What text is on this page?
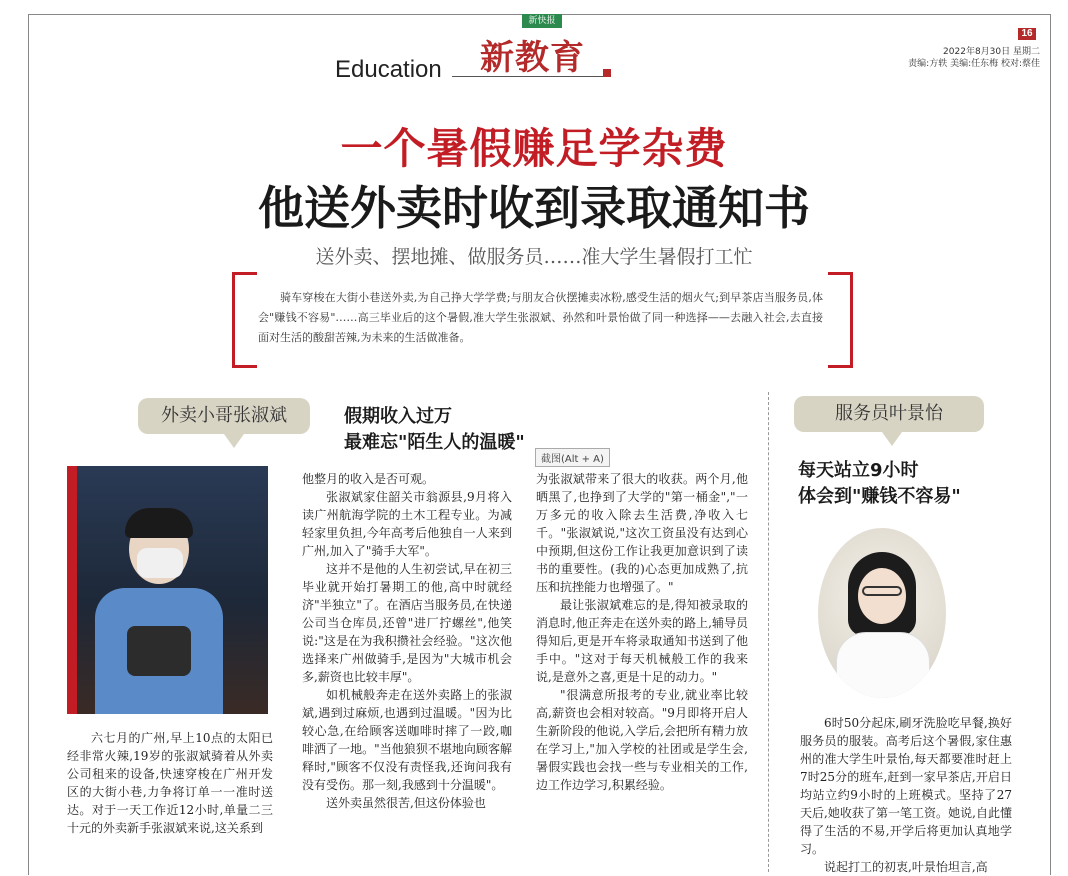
新快报
Education 新教育
16
2022年8月30日 星期二
责编:方轶 美编:任东梅 校对:蔡佳
一个暑假赚足学杂费
他送外卖时收到录取通知书
送外卖、摆地摊、做服务员……准大学生暑假打工忙
骑车穿梭在大街小巷送外卖,为自己挣大学学费;与朋友合伙摆摊卖冰粉,感受生活的烟火气;到早茶店当服务员,体会"赚钱不容易"……高三毕业后的这个暑假,准大学生张淑斌、孙然和叶景怡做了同一种选择——去融入社会,去直接面对生活的酸甜苦辣,为未来的生活做准备。
外卖小哥张淑斌	假期收入过万
最难忘"陌生人的温暖"
截图(Alt + A)

六七月的广州,早上10点的太阳已经非常火辣,19岁的张淑斌骑着从外卖公司租来的设备,快速穿梭在广州开发区的大街小巷,力争将订单一一准时送达。对于一天工作近12小时,单量二三十元的外卖新手张淑斌来说,这关系到

他整月的收入是否可观。

张淑斌家住韶关市翁源县,9月将入读广州航海学院的土木工程专业。为减轻家里负担,今年高考后他独自一人来到广州,加入了"骑手大军"。

这并不是他的人生初尝试,早在初三毕业就开始打暑期工的他,高中时就经济"半独立"了。在酒店当服务员,在快递公司当仓库员,还曾"进厂拧螺丝",他笑说:"这是在为我积攒社会经验。"这次他选择来广州做骑手,是因为"大城市机会多,薪资也比较丰厚"。

如机械般奔走在送外卖路上的张淑斌,遇到过麻烦,也遇到过温暖。"因为比较心急,在给顾客送咖啡时摔了一跤,咖啡洒了一地。"当他狼狈不堪地向顾客解释时,"顾客不仅没有责怪我,还询问我有没有受伤。那一刻,我感到十分温暖"。

送外卖虽然很苦,但这份体验也

为张淑斌带来了很大的收获。两个月,他晒黑了,也挣到了大学的"第一桶金","一万多元的收入除去生活费,净收入七千。"张淑斌说,"这次工资虽没有达到心中预期,但这份工作让我更加意识到了读书的重要性。(我的)心态更加成熟了,抗压和抗挫能力也增强了。"

最让张淑斌难忘的是,得知被录取的消息时,他正奔走在送外卖的路上,辅导员得知后,更是开车将录取通知书送到了他手中。"这对于每天机械般工作的我来说,是意外之喜,更是十足的动力。"

"很满意所报考的专业,就业率比较高,薪资也会相对较高。"9月即将开启人生新阶段的他说,入学后,会把所有精力放在学习上,"加入学校的社团或是学生会,暑假实践也会找一些与专业相关的工作,边工作边学习,积累经验。

服务员叶景怡
每天站立9小时
体会到"赚钱不容易"

6时50分起床,刷牙洗脸吃早餐,换好服务员的服装。高考后这个暑假,家住惠州的准大学生叶景怡,每天都要准时赶上7时25分的班车,赶到一家早茶店,开启日均站立约9小时的上班模式。坚持了27天后,她收获了第一笔工资。她说,自此懂得了生活的不易,开学后将更加认真地学习。

说起打工的初衷,叶景怡坦言,高
